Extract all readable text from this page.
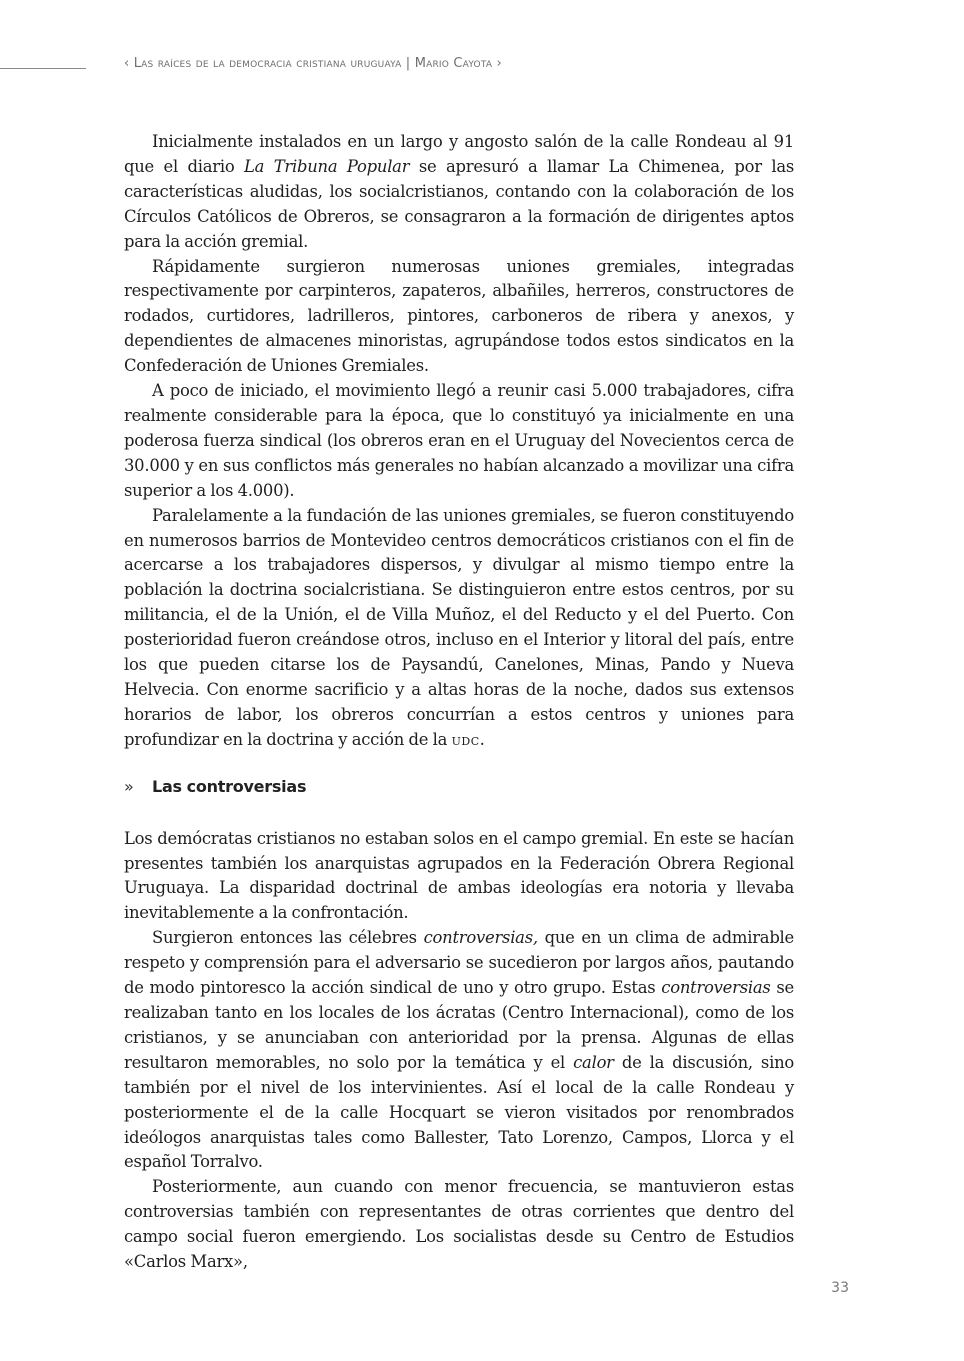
‹ Las raíces de la democracia cristiana uruguaya | Mario Cayota ›

Inicialmente instalados en un largo y angosto salón de la calle Rondeau al 91 que el diario La Tribuna Popular se apresuró a llamar La Chimenea, por las características aludidas, los socialcristianos, contando con la colaboración de los Círculos Católicos de Obreros, se consagraron a la formación de dirigentes aptos para la acción gremial.

Rápidamente surgieron numerosas uniones gremiales, integradas respectivamente por carpinteros, zapateros, albañiles, herreros, constructores de rodados, curtidores, ladrilleros, pintores, carboneros de ribera y anexos, y dependientes de almacenes minoristas, agrupándose todos estos sindicatos en la Confederación de Uniones Gremiales.

A poco de iniciado, el movimiento llegó a reunir casi 5.000 trabajadores, cifra realmente considerable para la época, que lo constituyó ya inicialmente en una poderosa fuerza sindical (los obreros eran en el Uruguay del Novecientos cerca de 30.000 y en sus conflictos más generales no habían alcanzado a movilizar una cifra superior a los 4.000).

Paralelamente a la fundación de las uniones gremiales, se fueron constituyendo en numerosos barrios de Montevideo centros democráticos cristianos con el fin de acercarse a los trabajadores dispersos, y divulgar al mismo tiempo entre la población la doctrina socialcristiana. Se distinguieron entre estos centros, por su militancia, el de la Unión, el de Villa Muñoz, el del Reducto y el del Puerto. Con posterioridad fueron creándose otros, incluso en el Interior y litoral del país, entre los que pueden citarse los de Paysandú, Canelones, Minas, Pando y Nueva Helvecia. Con enorme sacrificio y a altas horas de la noche, dados sus extensos horarios de labor, los obreros concurrían a estos centros y uniones para profundizar en la doctrina y acción de la udc.

»	Las controversias

Los demócratas cristianos no estaban solos en el campo gremial. En este se hacían presentes también los anarquistas agrupados en la Federación Obrera Regional Uruguaya. La disparidad doctrinal de ambas ideologías era notoria y llevaba inevitablemente a la confrontación.

Surgieron entonces las célebres controversias, que en un clima de admirable respeto y comprensión para el adversario se sucedieron por largos años, pautando de modo pintoresco la acción sindical de uno y otro grupo. Estas controversias se realizaban tanto en los locales de los ácratas (Centro Internacional), como de los cristianos, y se anunciaban con anterioridad por la prensa. Algunas de ellas resultaron memorables, no solo por la temática y el calor de la discusión, sino también por el nivel de los intervinientes. Así el local de la calle Rondeau y posteriormente el de la calle Hocquart se vieron visitados por renombrados ideólogos anarquistas tales como Ballester, Tato Lorenzo, Campos, Llorca y el español Torralvo.

Posteriormente, aun cuando con menor frecuencia, se mantuvieron estas controversias también con representantes de otras corrientes que dentro del campo social fueron emergiendo. Los socialistas desde su Centro de Estudios «Carlos Marx»,

33
